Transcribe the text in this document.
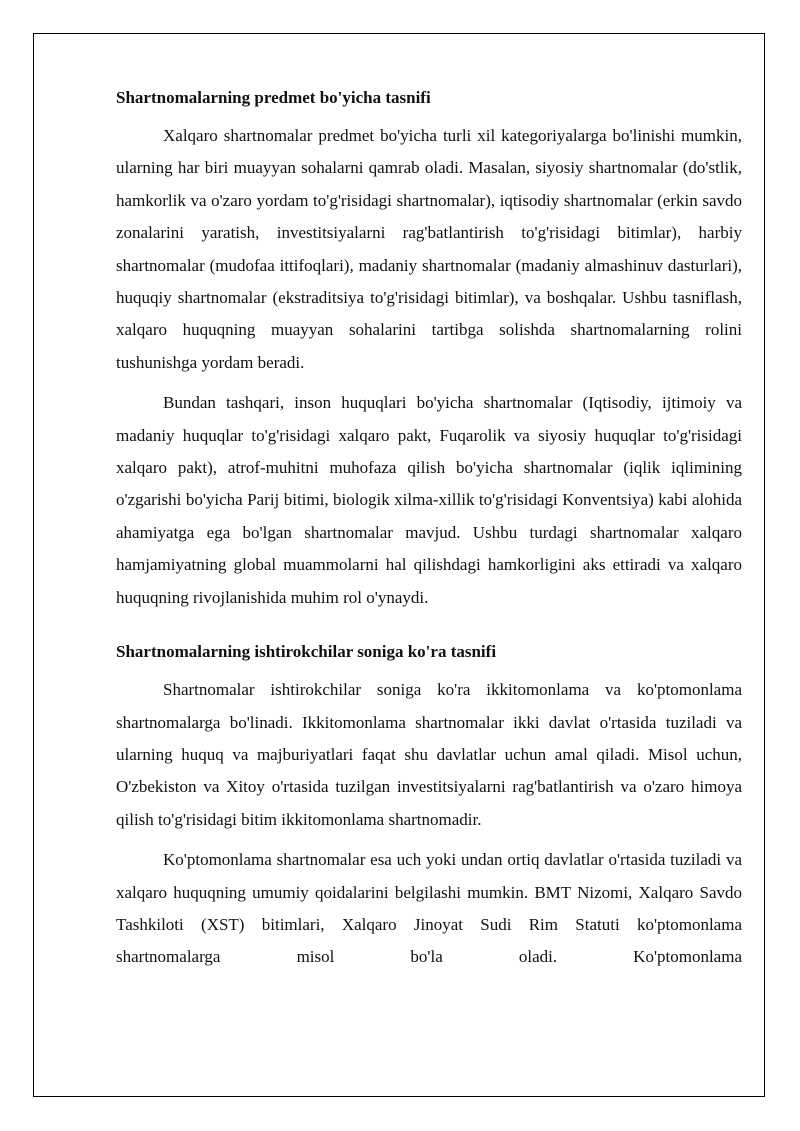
Shartnomalarning predmet bo'yicha tasnifi

Xalqaro shartnomalar predmet bo'yicha turli xil kategoriyalarga bo'linishi mumkin, ularning har biri muayyan sohalarni qamrab oladi. Masalan, siyosiy shartnomalar (do'stlik, hamkorlik va o'zaro yordam to'g'risidagi shartnomalar), iqtisodiy shartnomalar (erkin savdo zonalarini yaratish, investitsiyalarni rag'batlantirish to'g'risidagi bitimlar), harbiy shartnomalar (mudofaa ittifoqlari), madaniy shartnomalar (madaniy almashinuv dasturlari), huquqiy shartnomalar (ekstraditsiya to'g'risidagi bitimlar), va boshqalar. Ushbu tasniflash, xalqaro huquqning muayyan sohalarini tartibga solishda shartnomalarning rolini tushunishga yordam beradi.

Bundan tashqari, inson huquqlari bo'yicha shartnomalar (Iqtisodiy, ijtimoiy va madaniy huquqlar to'g'risidagi xalqaro pakt, Fuqarolik va siyosiy huquqlar to'g'risidagi xalqaro pakt), atrof-muhitni muhofaza qilish bo'yicha shartnomalar (iqlik iqlimining o'zgarishi bo'yicha Parij bitimi, biologik xilma-xillik to'g'risidagi Konventsiya) kabi alohida ahamiyatga ega bo'lgan shartnomalar mavjud. Ushbu turdagi shartnomalar xalqaro hamjamiyatning global muammolarni hal qilishdagi hamkorligini aks ettiradi va xalqaro huquqning rivojlanishida muhim rol o'ynaydi.

Shartnomalarning ishtirokchilar soniga ko'ra tasnifi

Shartnomalar ishtirokchilar soniga ko'ra ikkitomonlama va ko'ptomonlama shartnomalarga bo'linadi. Ikkitomonlama shartnomalar ikki davlat o'rtasida tuziladi va ularning huquq va majburiyatlari faqat shu davlatlar uchun amal qiladi. Misol uchun, O'zbekiston va Xitoy o'rtasida tuzilgan investitsiyalarni rag'batlantirish va o'zaro himoya qilish to'g'risidagi bitim ikkitomonlama shartnomadir.

Ko'ptomonlama shartnomalar esa uch yoki undan ortiq davlatlar o'rtasida tuziladi va xalqaro huquqning umumiy qoidalarini belgilashi mumkin. BMT Nizomi, Xalqaro Savdo Tashkiloti (XST) bitimlari, Xalqaro Jinoyat Sudi Rim Statuti ko'ptomonlama shartnomalarga misol bo'la oladi. Ko'ptomonlama
